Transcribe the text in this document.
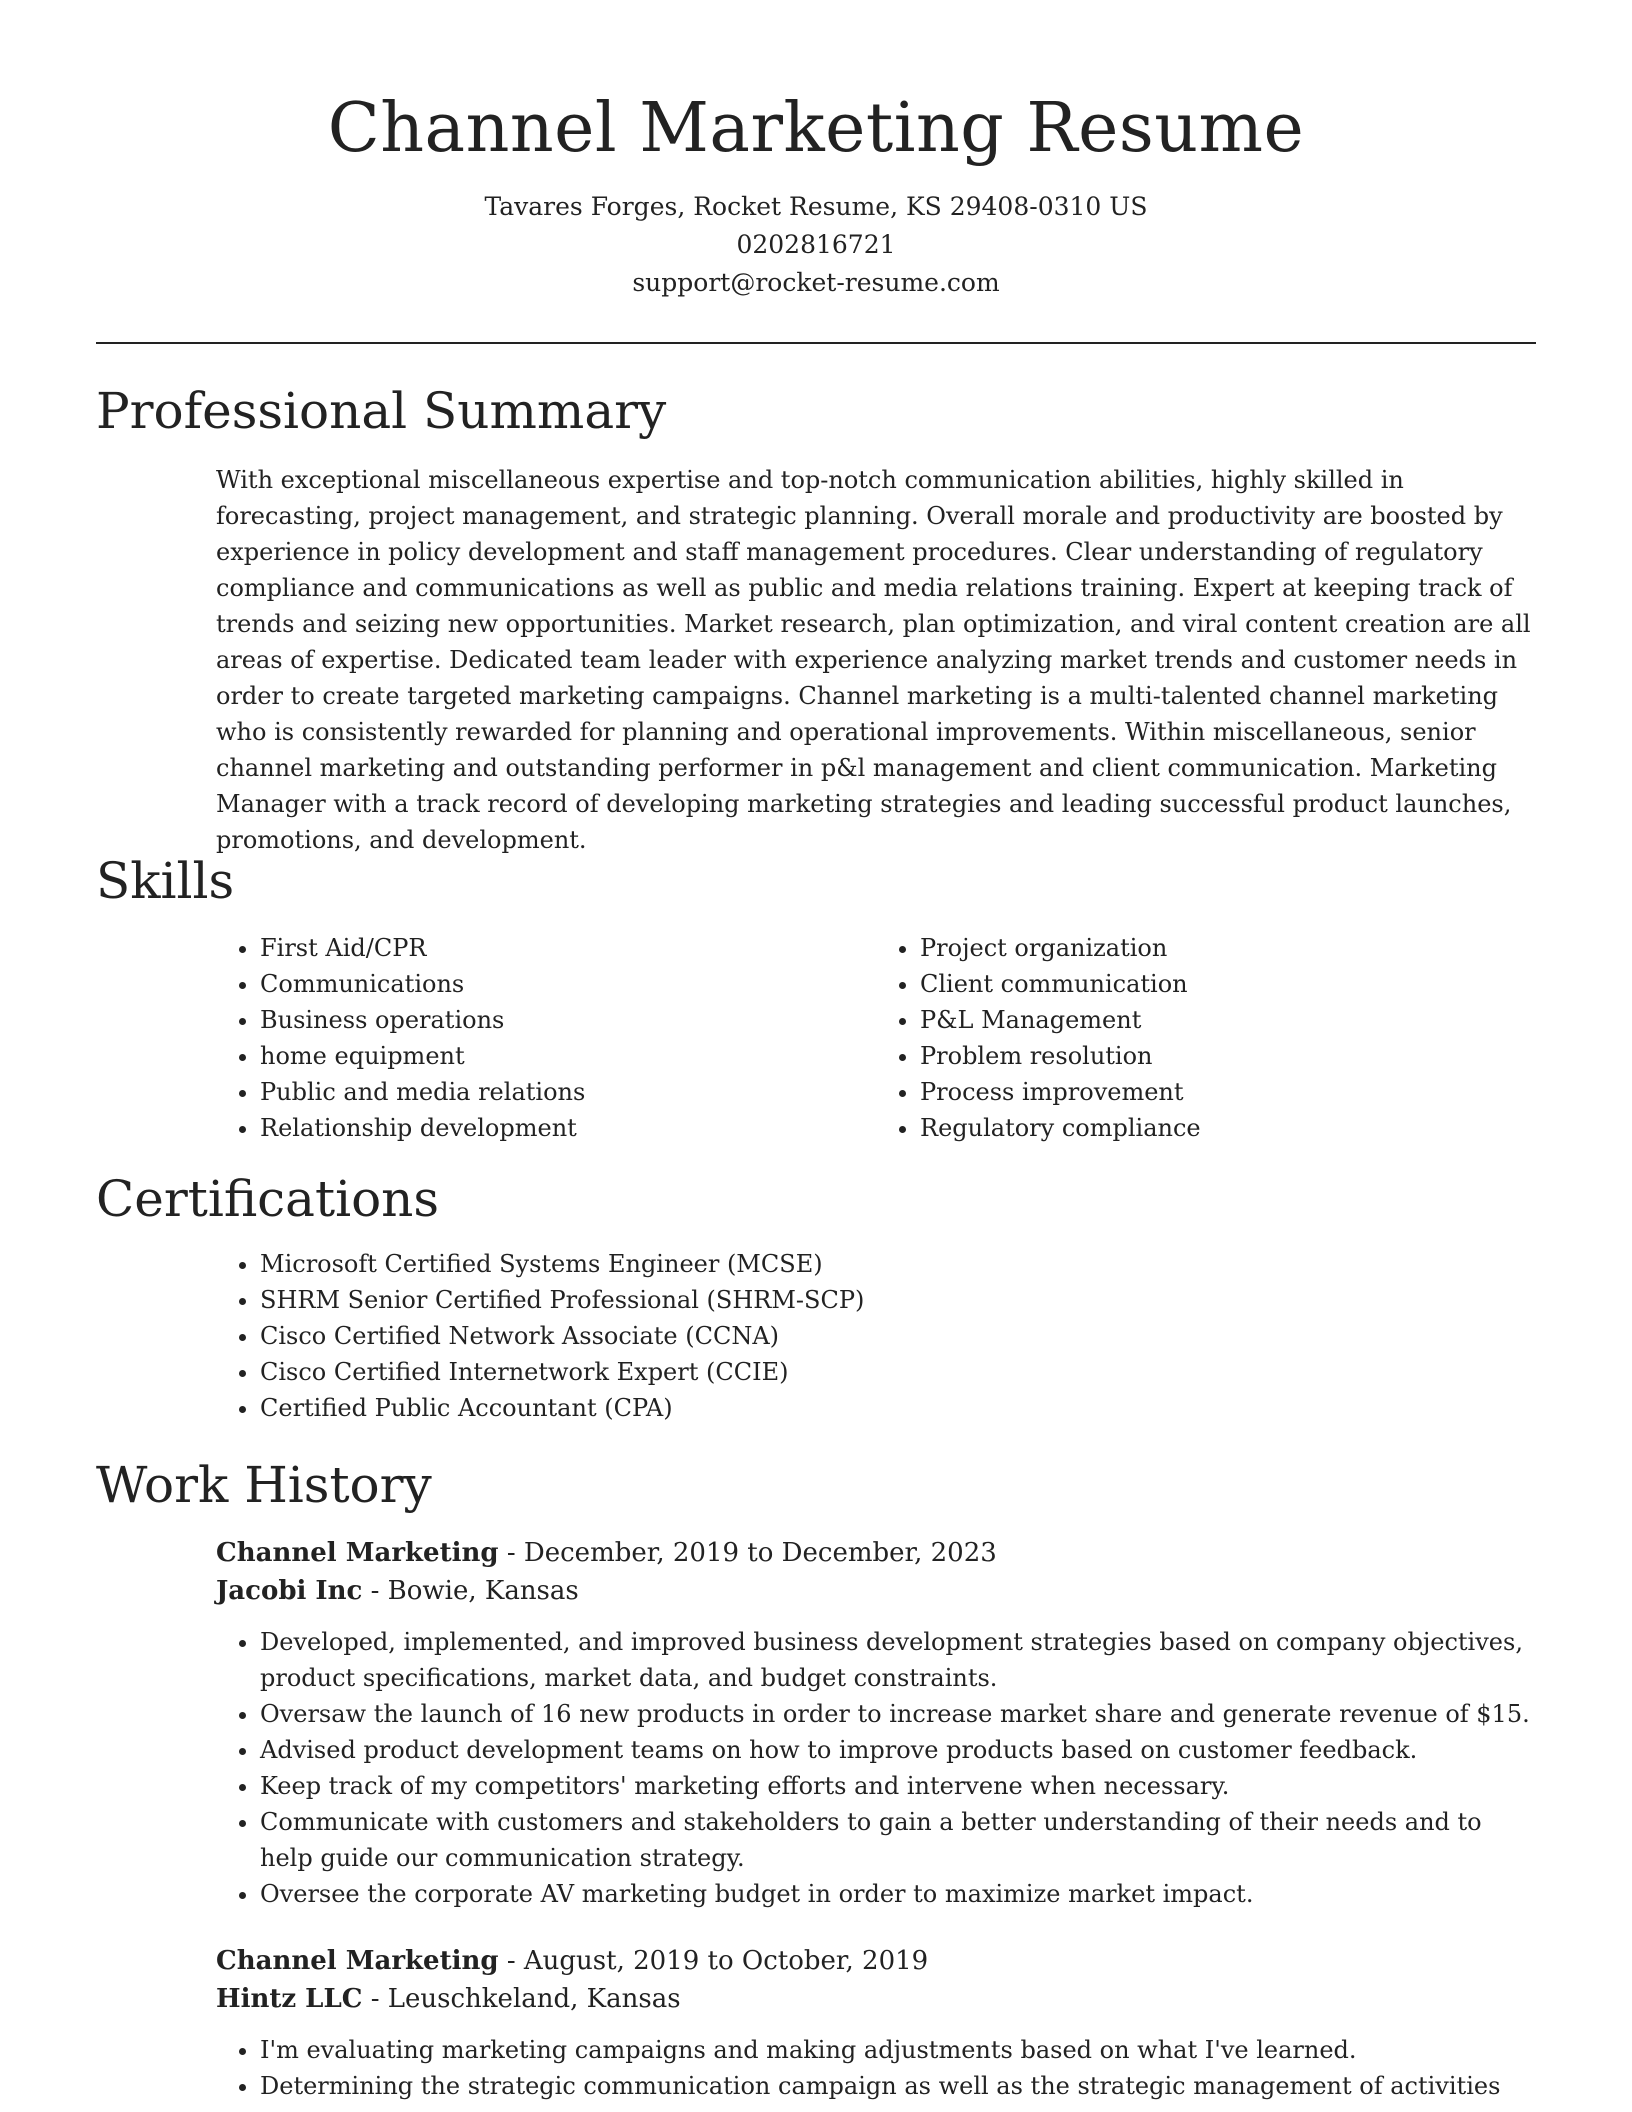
Channel Marketing Resume
Tavares Forges, Rocket Resume, KS 29408-0310 US
0202816721
support@rocket-resume.com
Professional Summary
With exceptional miscellaneous expertise and top-notch communication abilities, highly skilled in forecasting, project management, and strategic planning. Overall morale and productivity are boosted by experience in policy development and staff management procedures. Clear understanding of regulatory compliance and communications as well as public and media relations training. Expert at keeping track of trends and seizing new opportunities. Market research, plan optimization, and viral content creation are all areas of expertise. Dedicated team leader with experience analyzing market trends and customer needs in order to create targeted marketing campaigns. Channel marketing is a multi-talented channel marketing who is consistently rewarded for planning and operational improvements. Within miscellaneous, senior channel marketing and outstanding performer in p&l management and client communication. Marketing Manager with a track record of developing marketing strategies and leading successful product launches, promotions, and development.
Skills
• First Aid/CPR
• Communications
• Business operations
• home equipment
• Public and media relations
• Relationship development
• Project organization
• Client communication
• P&L Management
• Problem resolution
• Process improvement
• Regulatory compliance
Certifications
• Microsoft Certified Systems Engineer (MCSE)
• SHRM Senior Certified Professional (SHRM-SCP)
• Cisco Certified Network Associate (CCNA)
• Cisco Certified Internetwork Expert (CCIE)
• Certified Public Accountant (CPA)
Work History
Channel Marketing - December, 2019 to December, 2023
Jacobi Inc - Bowie, Kansas
• Developed, implemented, and improved business development strategies based on company objectives, product specifications, market data, and budget constraints.
• Oversaw the launch of 16 new products in order to increase market share and generate revenue of $15.
• Advised product development teams on how to improve products based on customer feedback.
• Keep track of my competitors' marketing efforts and intervene when necessary.
• Communicate with customers and stakeholders to gain a better understanding of their needs and to help guide our communication strategy.
• Oversee the corporate AV marketing budget in order to maximize market impact.
Channel Marketing - August, 2019 to October, 2019
Hintz LLC - Leuschkeland, Kansas
• I'm evaluating marketing campaigns and making adjustments based on what I've learned.
• Determining the strategic communication campaign as well as the strategic management of activities
